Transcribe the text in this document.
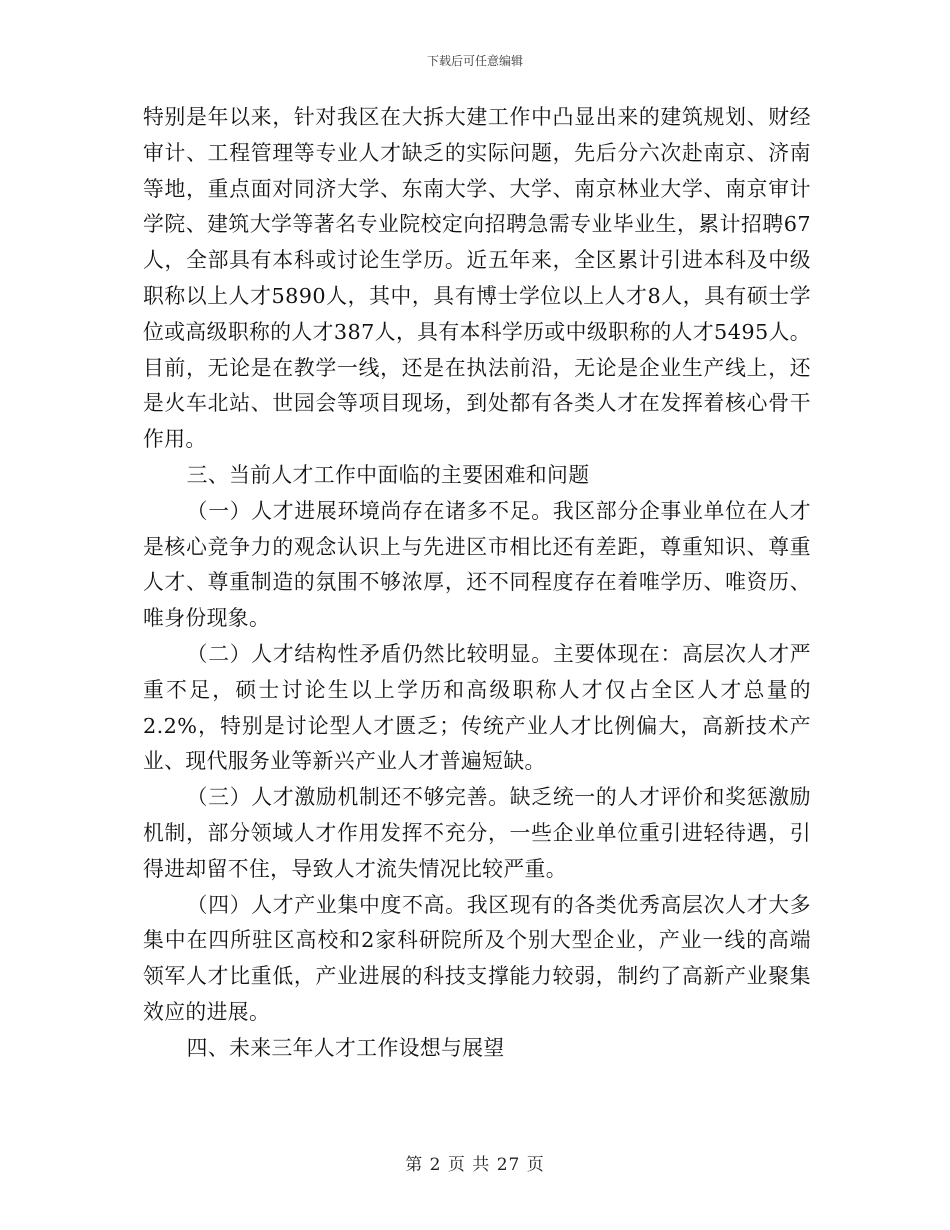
下载后可任意编辑

特别是年以来，针对我区在大拆大建工作中凸显出来的建筑规划、财经审计、工程管理等专业人才缺乏的实际问题，先后分六次赴南京、济南等地，重点面对同济大学、东南大学、大学、南京林业大学、南京审计学院、建筑大学等著名专业院校定向招聘急需专业毕业生，累计招聘67人，全部具有本科或讨论生学历。近五年来，全区累计引进本科及中级职称以上人才5890人，其中，具有博士学位以上人才8人，具有硕士学位或高级职称的人才387人，具有本科学历或中级职称的人才5495人。目前，无论是在教学一线，还是在执法前沿，无论是企业生产线上，还是火车北站、世园会等项目现场，到处都有各类人才在发挥着核心骨干作用。

三、当前人才工作中面临的主要困难和问题

（一）人才进展环境尚存在诸多不足。我区部分企事业单位在人才是核心竞争力的观念认识上与先进区市相比还有差距，尊重知识、尊重人才、尊重制造的氛围不够浓厚，还不同程度存在着唯学历、唯资历、唯身份现象。

（二）人才结构性矛盾仍然比较明显。主要体现在：高层次人才严重不足，硕士讨论生以上学历和高级职称人才仅占全区人才总量的2.2%，特别是讨论型人才匮乏；传统产业人才比例偏大，高新技术产业、现代服务业等新兴产业人才普遍短缺。

（三）人才激励机制还不够完善。缺乏统一的人才评价和奖惩激励机制，部分领域人才作用发挥不充分，一些企业单位重引进轻待遇，引得进却留不住，导致人才流失情况比较严重。

（四）人才产业集中度不高。我区现有的各类优秀高层次人才大多集中在四所驻区高校和2家科研院所及个别大型企业，产业一线的高端领军人才比重低，产业进展的科技支撑能力较弱，制约了高新产业聚集效应的进展。

四、未来三年人才工作设想与展望

第 2 页 共 27 页
